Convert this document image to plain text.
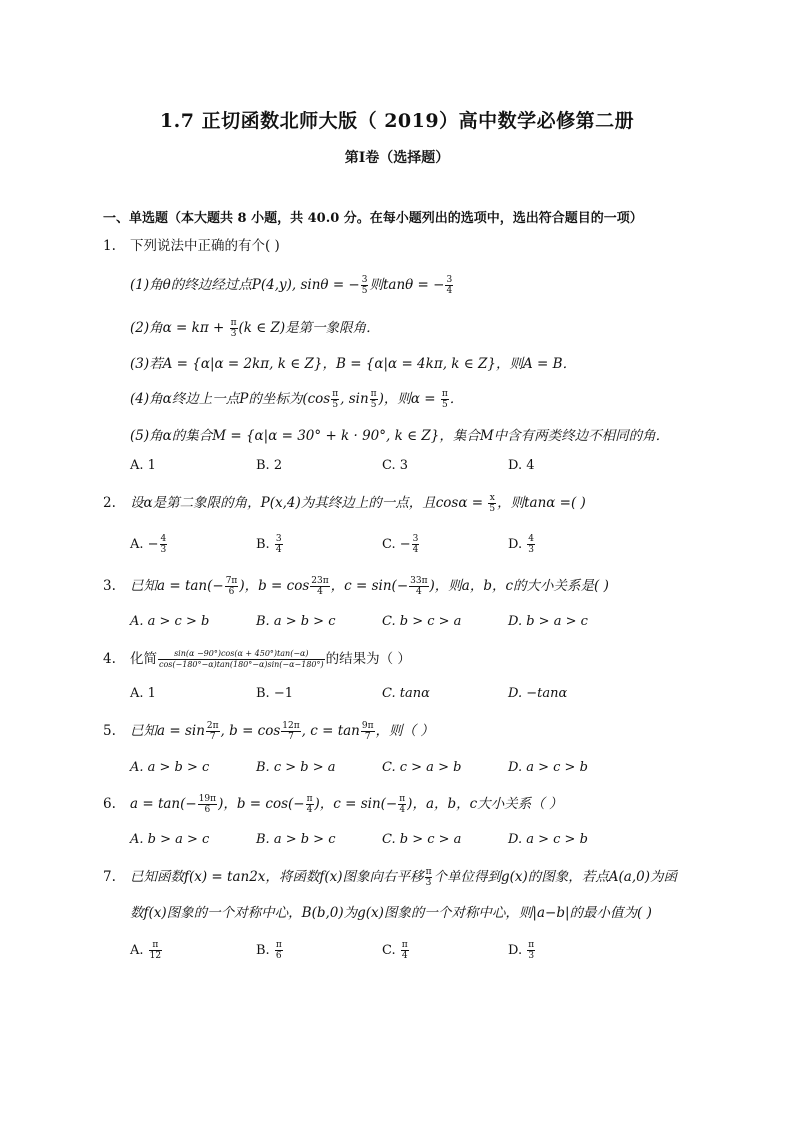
1.7 正切函数北师大版（ 2019）高中数学必修第二册
第I卷（选择题）
一、单选题（本大题共 8 小题，共 40.0 分。在每小题列出的选项中，选出符合题目的一项）
1. 下列说法中正确的有个( )
(1)角θ的终边经过点P(4,y), sinθ = − $\frac{3}{5}$ 则tanθ = − $\frac{3}{4}$
(2)角$\alpha = k\pi + \frac{\pi}{3} (k$ ∈ Z)是第一象限角．
(3)若A = {α|α = 2kπ, k ∈ Z}，B = {α|α = 4kπ, k ∈ Z}，则A = B．
(4)角α终边上一点P的坐标为($\cos \frac{\pi}{5}$ , $\sin \frac{\pi}{5}$ )，则$\alpha = \frac{\pi}{5}$ ．
(5)角α的集合M = {α|α = 30° + k · 90°, k ∈ Z}，集合M中含有两类终边不相同的角．
A. 1	B. 2	C. 3	D. 4
2. 设α是第二象限的角，P(x,4)为其终边上的一点，且$\cos\alpha = \frac{x}{5}$ ，则tanα =( )
A. − $\frac{4}{3}$	B. $\frac{3}{4}$	C. − $\frac{3}{4}$	D. $\frac{4}{3}$
3. 已知$a = \tan(- \frac{7\pi}{6}$ )，$b = \cos \frac{23\pi}{4}$ ，$c = \sin(- \frac{33\pi}{4}$ )，则a，b，c的大小关系是( )
A. a > c > b	B. a > b > c	C. b > c > a	D. b > a > c
4. 化简 $\frac{\sin(\alpha -90^\circ)\cos(\alpha + 450^\circ)\tan(-\alpha)}{\cos(-180^\circ-\alpha)\tan(180^\circ-\alpha)\sin(-\alpha-180^\circ)}$ 的结果为（ ）
A. 1	B. −1	C. tanα	D. −tanα
5. 已知$a = \sin \frac{2\pi}{7}$ , $b = \cos \frac{12\pi}{7}$ , $c = \tan \frac{9\pi}{7}$ ，则（ ）
A. a > b > c	B. c > b > a	C. c > a > b	D. a > c > b
6. $a = \tan(- \frac{19\pi}{6}$ )，$b = \cos(- \frac{\pi}{4}$ )，$c = \sin(- \frac{\pi}{4}$ )，a，b，c大小关系（ ）
A. b > a > c	B. a > b > c	C. b > c > a	D. a > c > b
7. 已知函数f(x) = tan2x，将函数f(x)图象向右平移 $\frac{\pi}{3}$ 个单位得到g(x)的图象，若点A(a,0)为函
数f(x)图象的一个对称中心，B(b,0)为g(x)图象的一个对称中心，则|a−b|的最小值为( )
A. $\frac{\pi}{12}$	B. $\frac{\pi}{6}$	C. $\frac{\pi}{4}$	D. $\frac{\pi}{3}$
